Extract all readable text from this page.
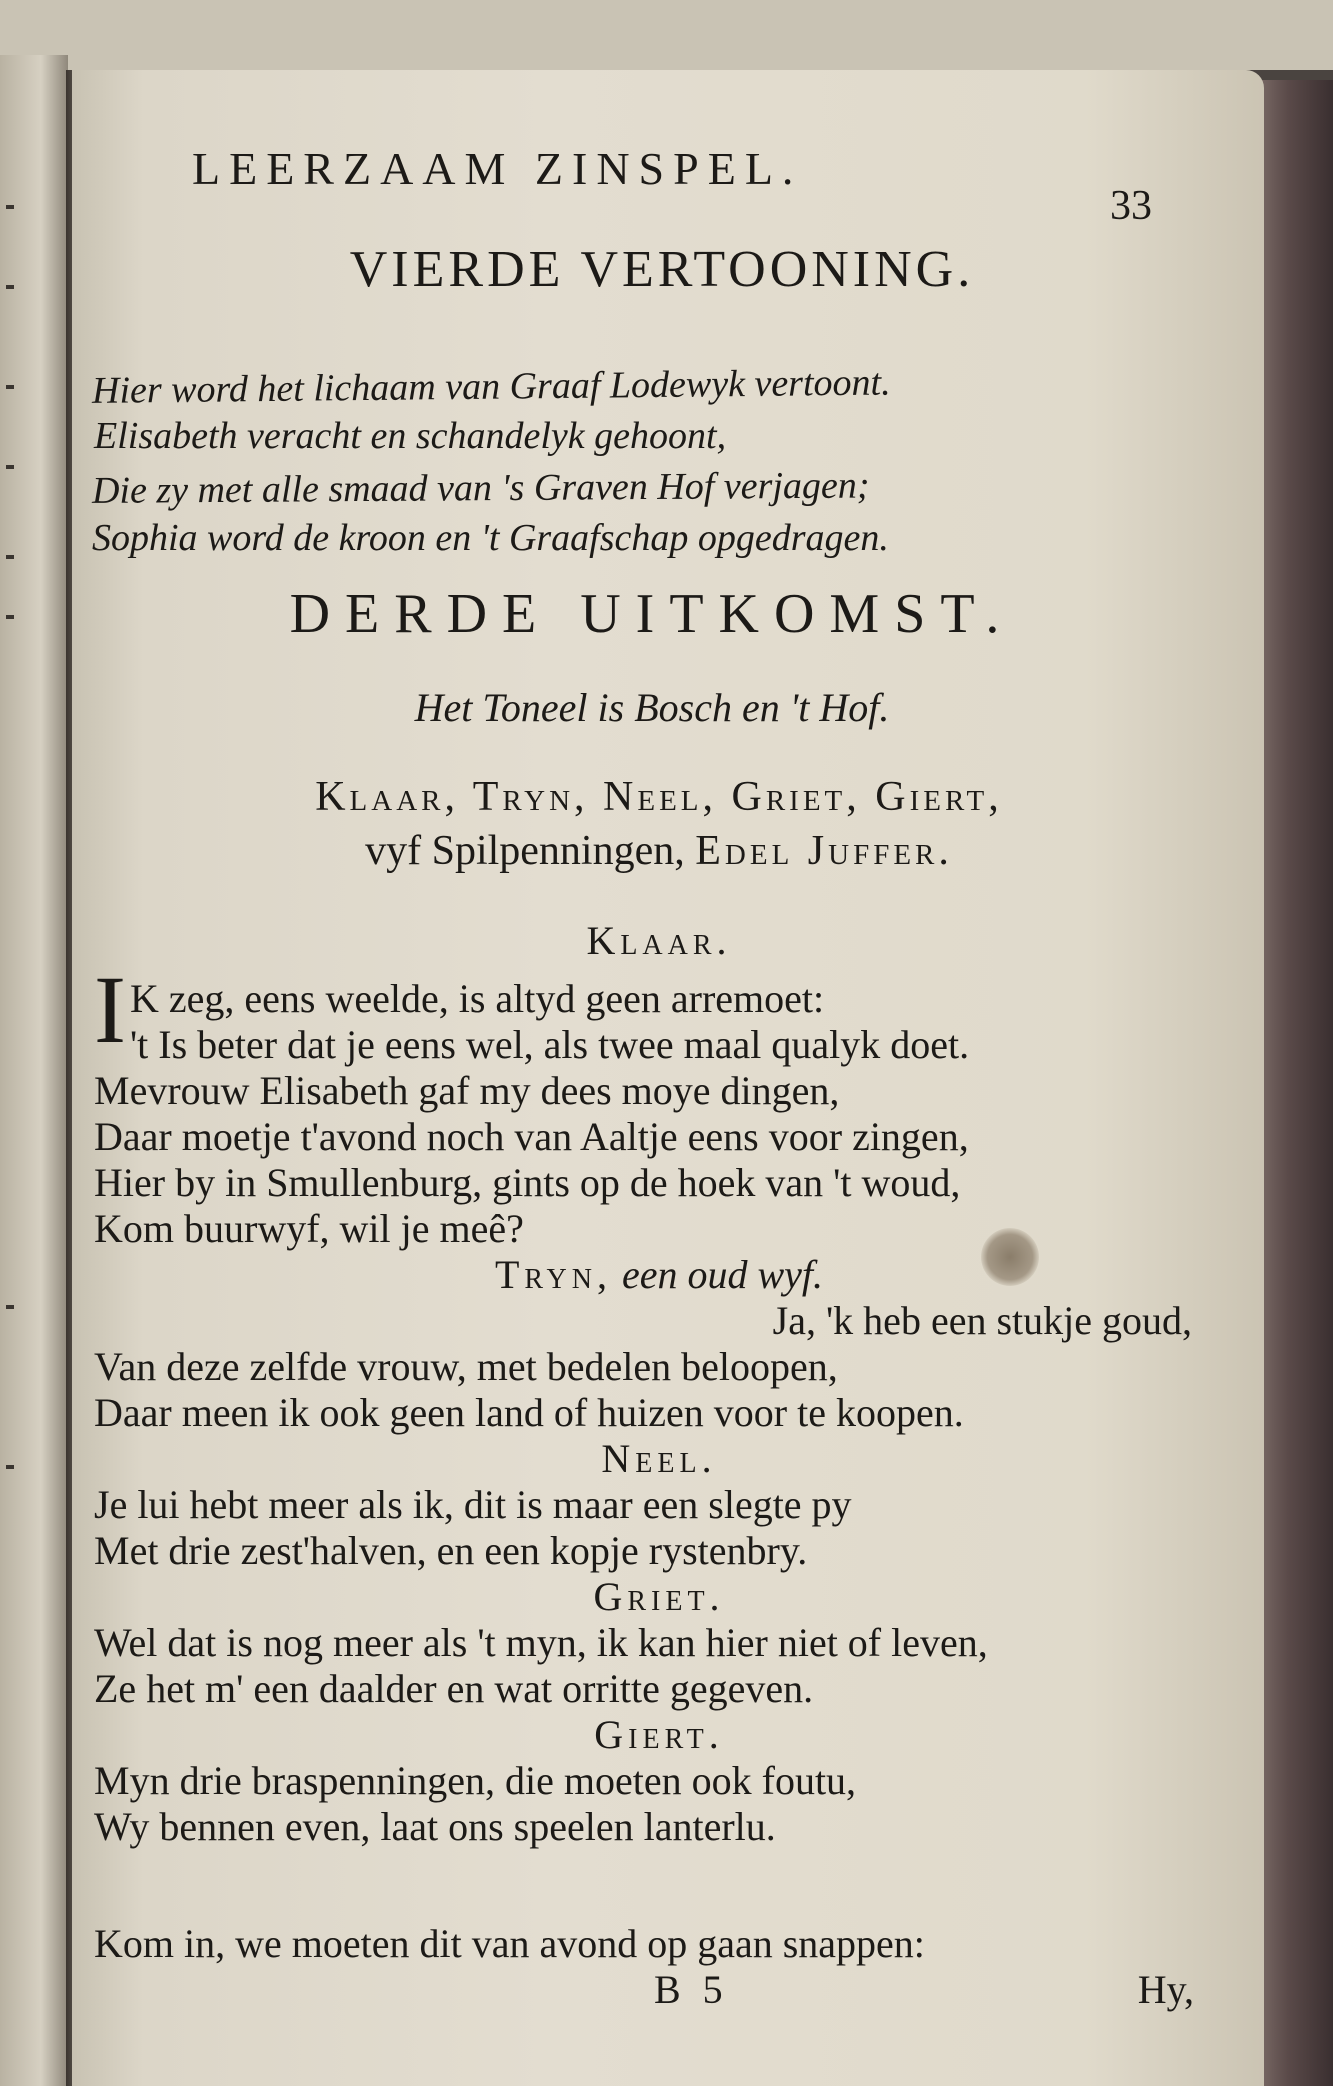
LEERZAAM ZINSPEL.
33
VIERDE VERTOONING.
Hier word het lichaam van Graaf Lodewyk vertoont.
Elisabeth veracht en schandelyk gehoont,
Die zy met alle smaad van 's Graven Hof verjagen;
Sophia word de kroon en 't Graafschap opgedragen.
DERDE UITKOMST.
Het Toneel is Bosch en 't Hof.
Klaar, Tryn, Neel, Griet, Giert,
vyf Spilpenningen, Edel Juffer.
Klaar.
I K zeg, eens weelde, is altyd geen arremoet:
't Is beter dat je eens wel, als twee maal qualyk doet.
Mevrouw Elisabeth gaf my dees moye dingen,
Daar moetje t'avond noch van Aaltje eens voor zingen,
Hier by in Smullenburg, gints op de hoek van 't woud,
Kom buurwyf, wil je meê?
Tryn, een oud wyf.
Ja, 'k heb een stukje goud,
Van deze zelfde vrouw, met bedelen beloopen,
Daar meen ik ook geen land of huizen voor te koopen.
Neel.
Je lui hebt meer als ik, dit is maar een slegte py
Met drie zest'halven, en een kopje rystenbry.
Griet.
Wel dat is nog meer als 't myn, ik kan hier niet of leven,
Ze het m' een daalder en wat orritte gegeven.
Giert.
Myn drie braspenningen, die moeten ook foutu,
Wy bennen even, laat ons speelen lanterlu.
Kom in, we moeten dit van avond op gaan snappen:
B 5	Hy,
